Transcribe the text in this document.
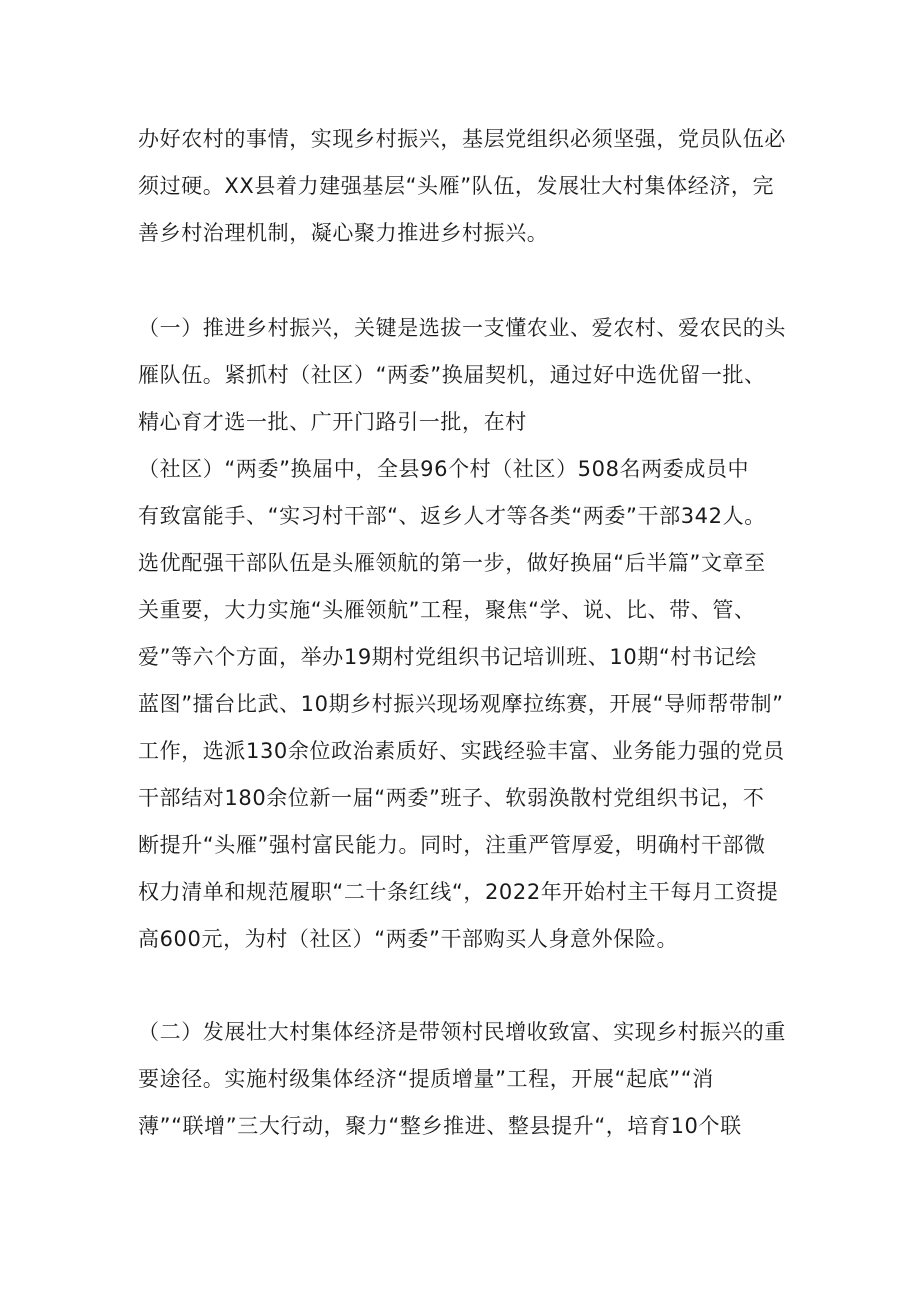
办好农村的事情，实现乡村振兴，基层党组织必须坚强，党员队伍必
须过硬。XX县着力建强基层“头雁”队伍，发展壮大村集体经济，完
善乡村治理机制，凝心聚力推进乡村振兴。
（一）推进乡村振兴，关键是选拔一支懂农业、爱农村、爱农民的头
雁队伍。紧抓村（社区）“两委”换届契机，通过好中选优留一批、
精心育才选一批、广开门路引一批，在村
（社区）“两委”换届中，全县96个村（社区）508名两委成员中
有致富能手、“实习村干部“、返乡人才等各类“两委”干部342人。
选优配强干部队伍是头雁领航的第一步，做好换届“后半篇”文章至
关重要，大力实施“头雁领航”工程，聚焦“学、说、比、带、管、
爱”等六个方面，举办19期村党组织书记培训班、10期“村书记绘
蓝图”擂台比武、10期乡村振兴现场观摩拉练赛，开展“导师帮带制”
工作，选派130余位政治素质好、实践经验丰富、业务能力强的党员
干部结对180余位新一届“两委”班子、软弱涣散村党组织书记，不
断提升“头雁”强村富民能力。同时，注重严管厚爱，明确村干部微
权力清单和规范履职“二十条红线“，2022年开始村主干每月工资提
高600元，为村（社区）“两委”干部购买人身意外保险。
（二）发展壮大村集体经济是带领村民增收致富、实现乡村振兴的重
要途径。实施村级集体经济“提质增量”工程，开展“起底”“消
薄”“联增”三大行动，聚力“整乡推进、整县提升“，培育10个联
